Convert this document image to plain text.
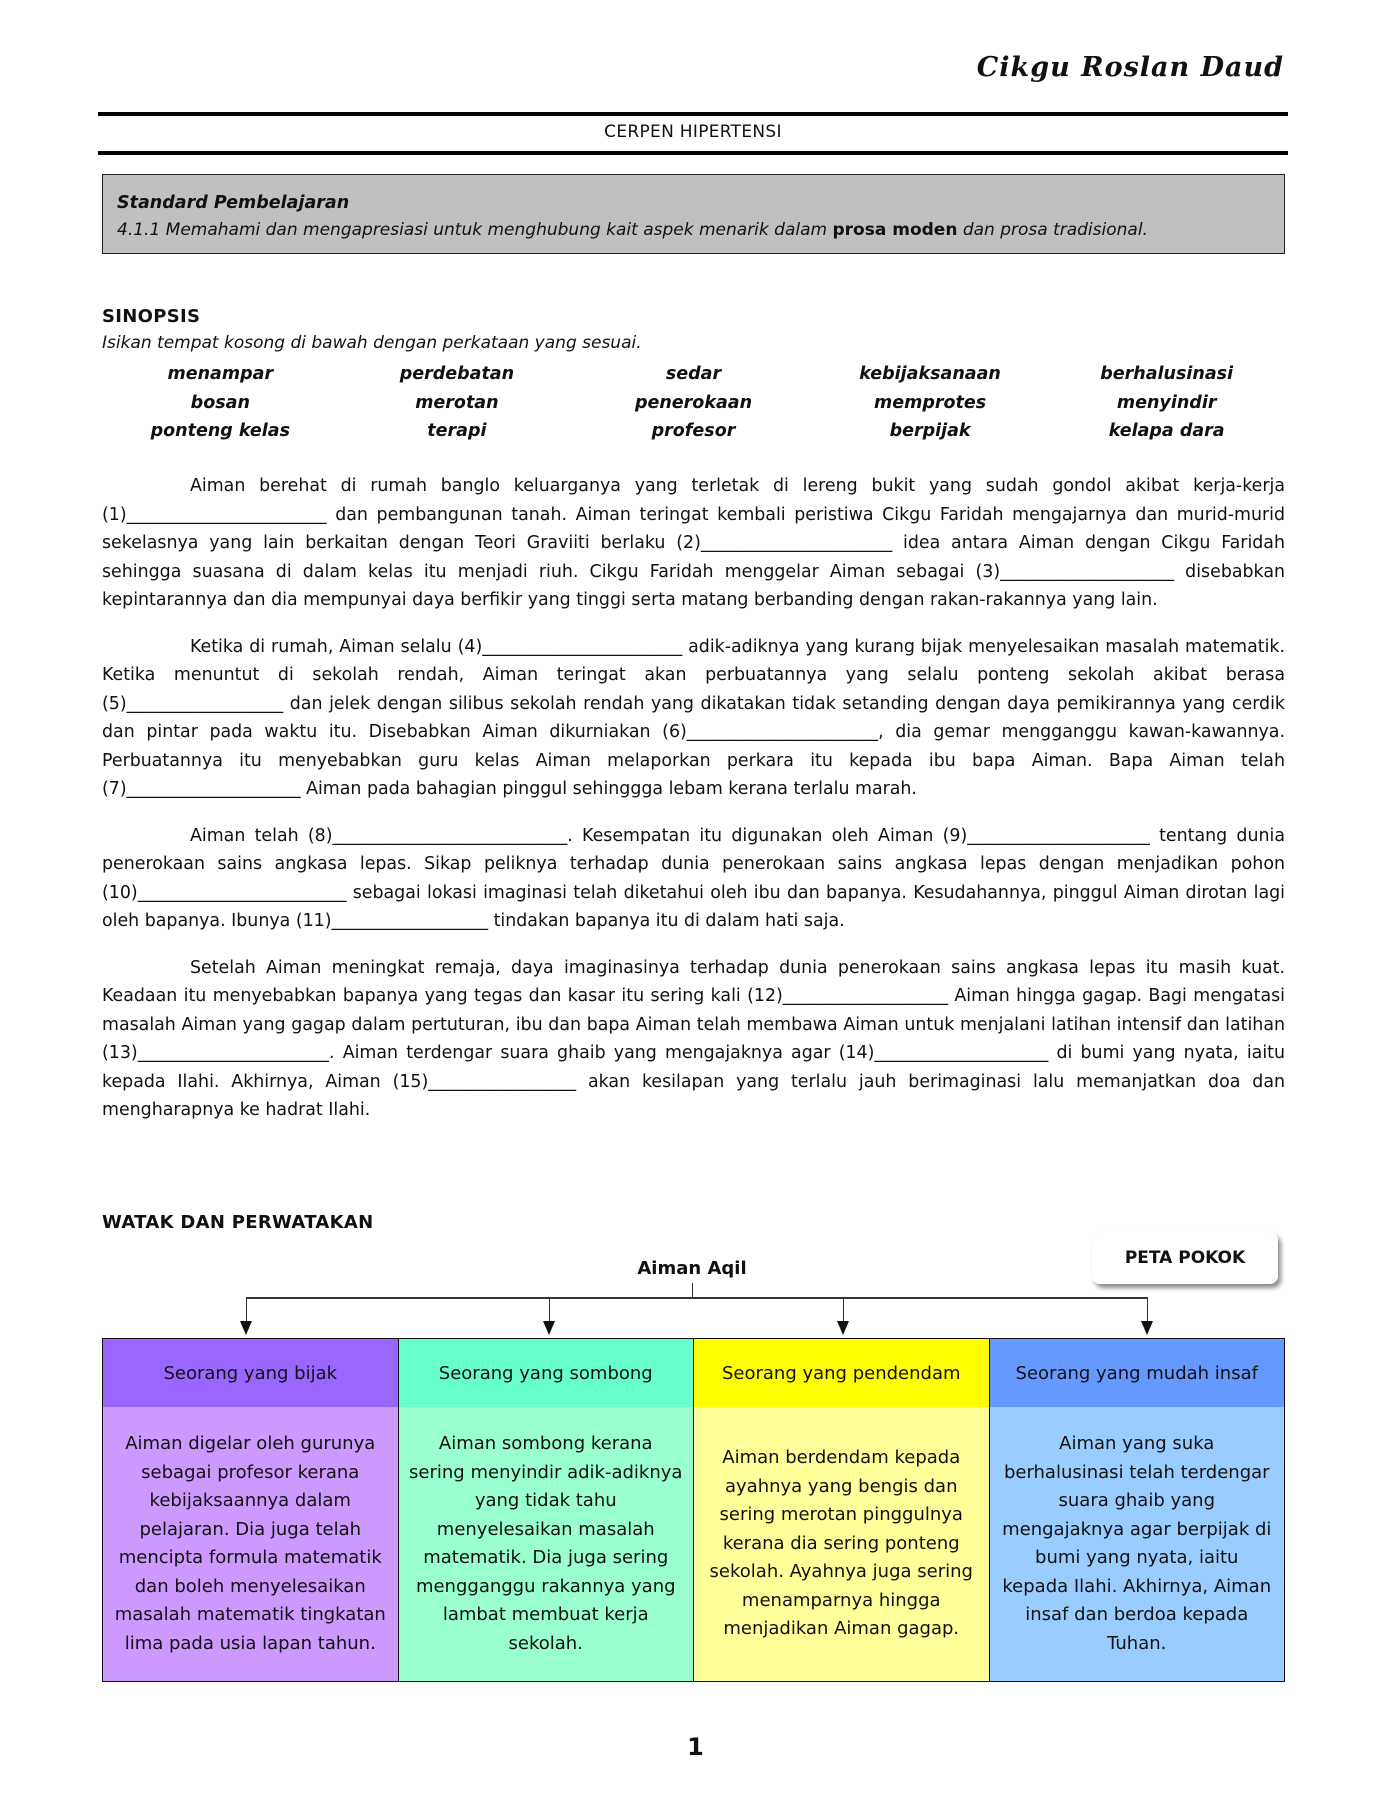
Cikgu Roslan Daud
CERPEN HIPERTENSI
Standard Pembelajaran
4.1.1 Memahami dan mengapresiasi untuk menghubung kait aspek menarik dalam prosa moden dan prosa tradisional.
SINOPSIS
Isikan tempat kosong di bawah dengan perkataan yang sesuai.
menampar	perdebatan	sedar	kebijaksanaan	berhalusinasi
bosan	merotan	penerokaan	memprotes	menyindir
ponteng kelas	terapi	profesor	berpijak	kelapa dara

Aiman berehat di rumah banglo keluarganya yang terletak di lereng bukit yang sudah gondol akibat kerja-kerja (1)_______________________ dan pembangunan tanah. Aiman teringat kembali peristiwa Cikgu Faridah mengajarnya dan murid-murid sekelasnya yang lain berkaitan dengan Teori Graviiti berlaku (2)______________________ idea antara Aiman dengan Cikgu Faridah sehingga suasana di dalam kelas itu menjadi riuh. Cikgu Faridah menggelar Aiman sebagai (3)____________________ disebabkan kepintarannya dan dia mempunyai daya berfikir yang tinggi serta matang berbanding dengan rakan-rakannya yang lain.

Ketika di rumah, Aiman selalu (4)_______________________ adik-adiknya yang kurang bijak menyelesaikan masalah matematik. Ketika menuntut di sekolah rendah, Aiman teringat akan perbuatannya yang selalu ponteng sekolah akibat berasa (5)__________________ dan jelek dengan silibus sekolah rendah yang dikatakan tidak setanding dengan daya pemikirannya yang cerdik dan pintar pada waktu itu. Disebabkan Aiman dikurniakan (6)______________________, dia gemar mengganggu kawan-kawannya. Perbuatannya itu menyebabkan guru kelas Aiman melaporkan perkara itu kepada ibu bapa Aiman. Bapa Aiman telah (7)____________________ Aiman pada bahagian pinggul sehinggga lebam kerana terlalu marah.

Aiman telah (8)___________________________. Kesempatan itu digunakan oleh Aiman (9)_____________________ tentang dunia penerokaan sains angkasa lepas. Sikap peliknya terhadap dunia penerokaan sains angkasa lepas dengan menjadikan pohon (10)________________________ sebagai lokasi imaginasi telah diketahui oleh ibu dan bapanya. Kesudahannya, pinggul Aiman dirotan lagi oleh bapanya. Ibunya (11)__________________ tindakan bapanya itu di dalam hati saja.

Setelah Aiman meningkat remaja, daya imaginasinya terhadap dunia penerokaan sains angkasa lepas itu masih kuat. Keadaan itu menyebabkan bapanya yang tegas dan kasar itu sering kali (12)___________________ Aiman hingga gagap. Bagi mengatasi masalah Aiman yang gagap dalam pertuturan, ibu dan bapa Aiman telah membawa Aiman untuk menjalani latihan intensif dan latihan (13)______________________. Aiman terdengar suara ghaib yang mengajaknya agar (14)____________________ di bumi yang nyata, iaitu kepada Ilahi. Akhirnya, Aiman (15)_________________ akan kesilapan yang terlalu jauh berimaginasi lalu memanjatkan doa dan mengharapnya ke hadrat Ilahi.

WATAK DAN PERWATAKAN
PETA POKOK
Aiman Aqil
Seorang yang bijak
Aiman digelar oleh gurunya sebagai profesor kerana kebijaksaannya dalam pelajaran. Dia juga telah mencipta formula matematik dan boleh menyelesaikan masalah matematik tingkatan lima pada usia lapan tahun.
Seorang yang sombong
Aiman sombong kerana sering menyindir adik-adiknya yang tidak tahu menyelesaikan masalah matematik. Dia juga sering mengganggu rakannya yang lambat membuat kerja sekolah.
Seorang yang pendendam
Aiman berdendam kepada ayahnya yang bengis dan sering merotan pinggulnya kerana dia sering ponteng sekolah. Ayahnya juga sering menamparnya hingga menjadikan Aiman gagap.
Seorang yang mudah insaf
Aiman yang suka berhalusinasi telah terdengar suara ghaib yang mengajaknya agar berpijak di bumi yang nyata, iaitu kepada Ilahi. Akhirnya, Aiman insaf dan berdoa kepada Tuhan.
1
